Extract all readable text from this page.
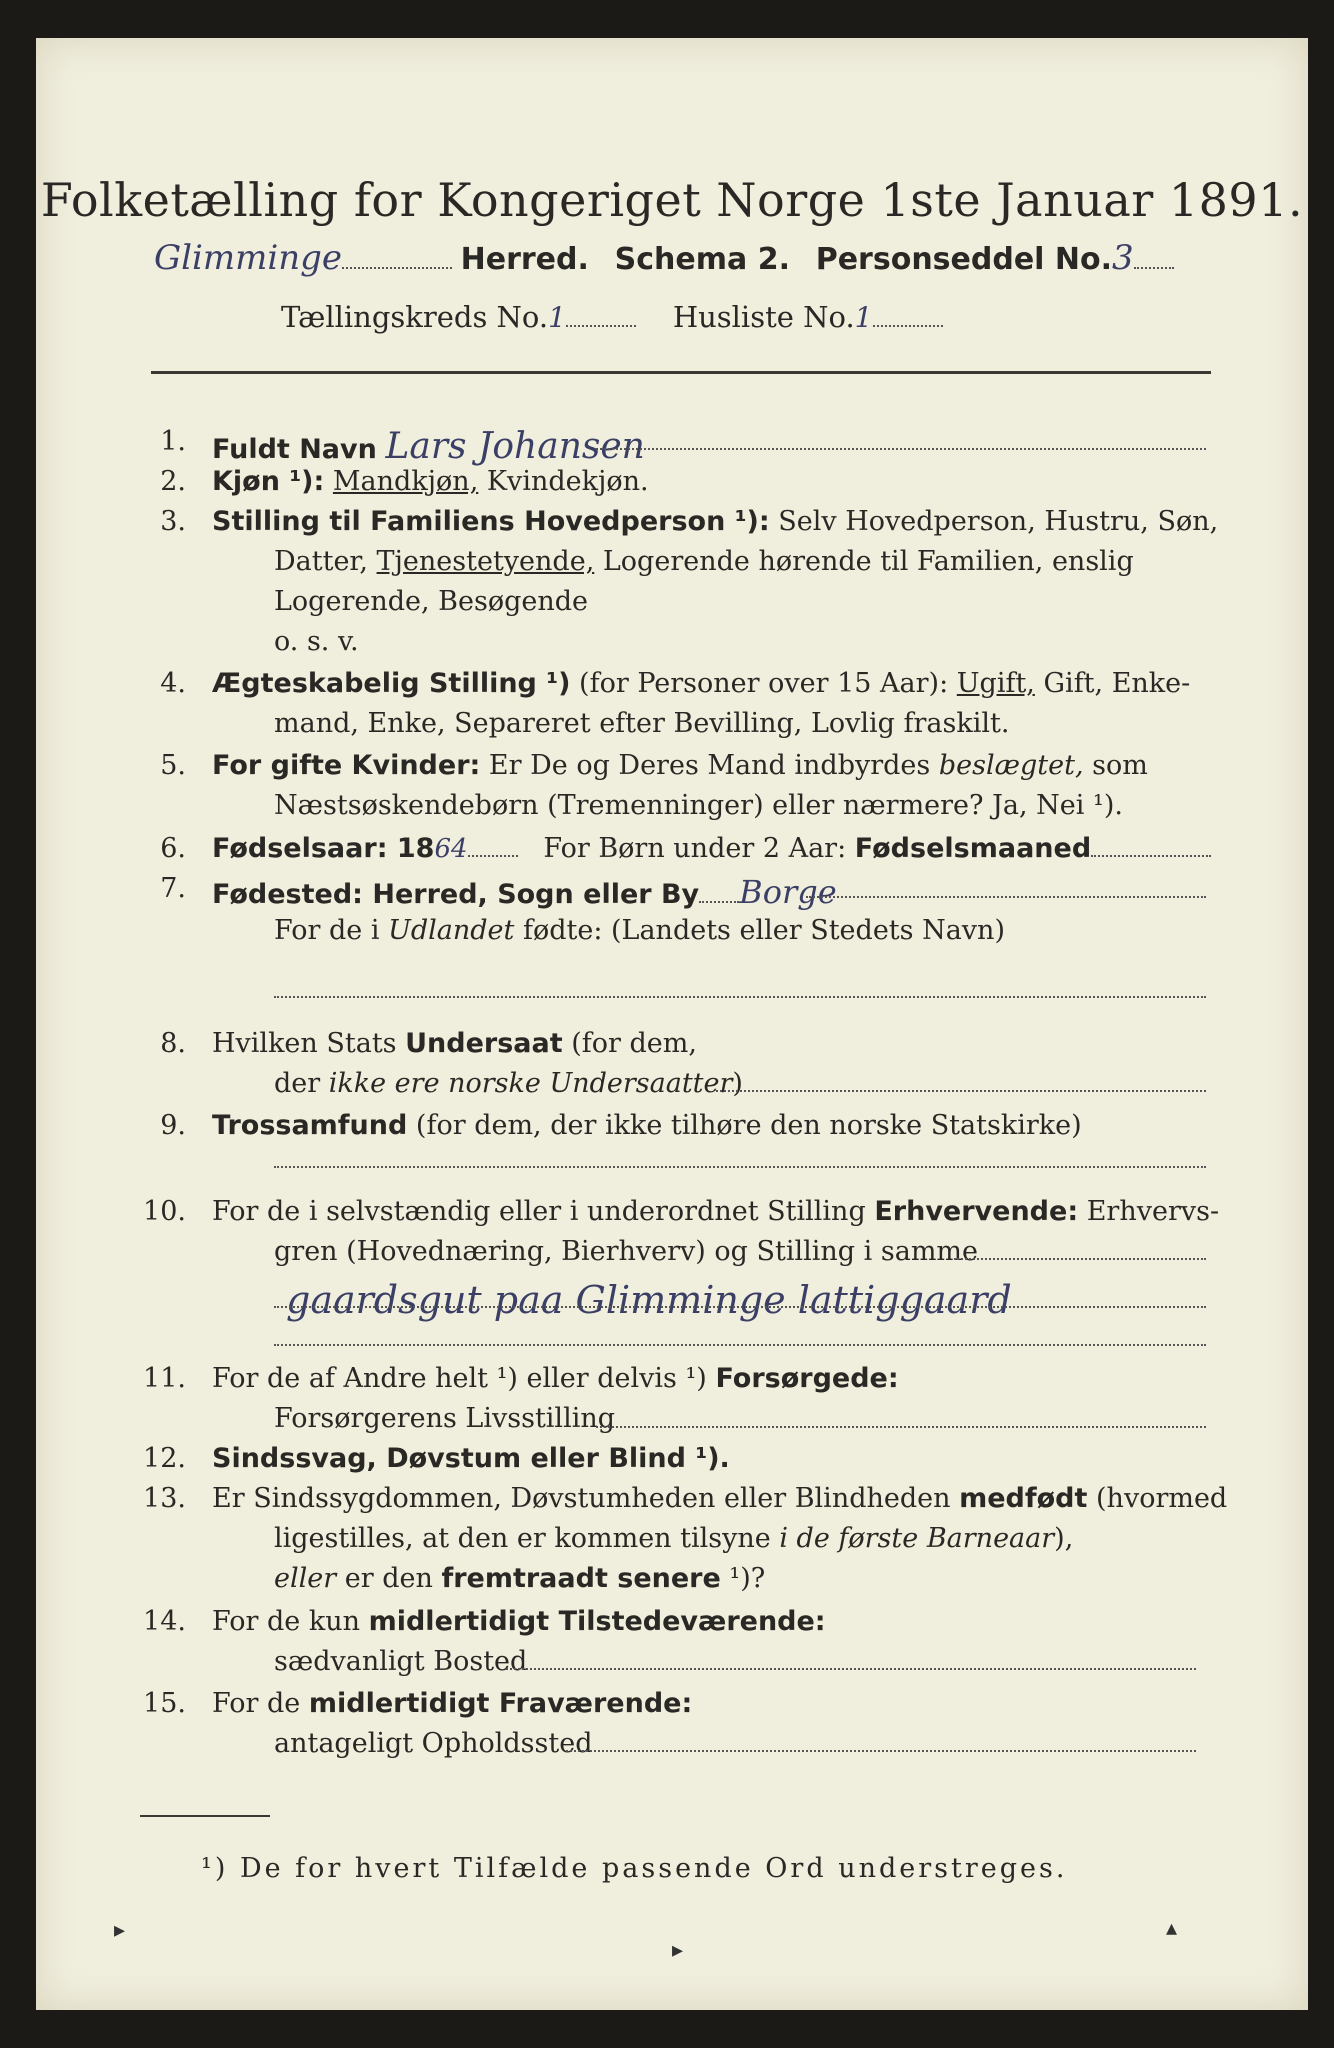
Folketælling for Kongeriget Norge 1ste Januar 1891.
Glimminge	Herred. Schema 2. Personseddel No.3
Tællingskreds No.1	Husliste No.1
1. Fuldt Navn Lars Johansen
2. Kjøn ¹): Mandkjøn, Kvindekjøn.
3. Stilling til Familiens Hovedperson ¹): Selv Hovedperson, Hustru, Søn,
Datter, Tjenestetyende, Logerende hørende til Familien, enslig
Logerende, Besøgende
o. s. v.
4. Ægteskabelig Stilling ¹) (for Personer over 15 Aar): Ugift, Gift, Enke-
mand, Enke, Separeret efter Bevilling, Lovlig fraskilt.
5. For gifte Kvinder: Er De og Deres Mand indbyrdes beslægtet, som
Næstsøskendebørn (Tremenninger) eller nærmere? Ja, Nei ¹).
6. Fødselsaar: 1864	For Børn under 2 Aar: Fødselsmaaned
7. Fødested: Herred, Sogn eller By Borge
For de i Udlandet fødte: (Landets eller Stedets Navn)
8. Hvilken Stats Undersaat (for dem,
der ikke ere norske Undersaatter)
9. Trossamfund (for dem, der ikke tilhøre den norske Statskirke)
10. For de i selvstændig eller i underordnet Stilling Erhvervende: Erhvervs-
gren (Hovednæring, Bierhverv) og Stilling i samme
gaardsgut paa Glimminge lattiggaard
11. For de af Andre helt ¹) eller delvis ¹) Forsørgede:
Forsørgerens Livsstilling
12. Sindssvag, Døvstum eller Blind ¹).
13. Er Sindssygdommen, Døvstumheden eller Blindheden medfødt (hvormed
ligestilles, at den er kommen tilsyne i de første Barneaar),
eller er den fremtraadt senere ¹)?
14. For de kun midlertidigt Tilstedeværende:
sædvanligt Bosted
15. For de midlertidigt Fraværende:
antageligt Opholdssted
¹) De for hvert Tilfælde passende Ord understreges.
▸
▸
▴
